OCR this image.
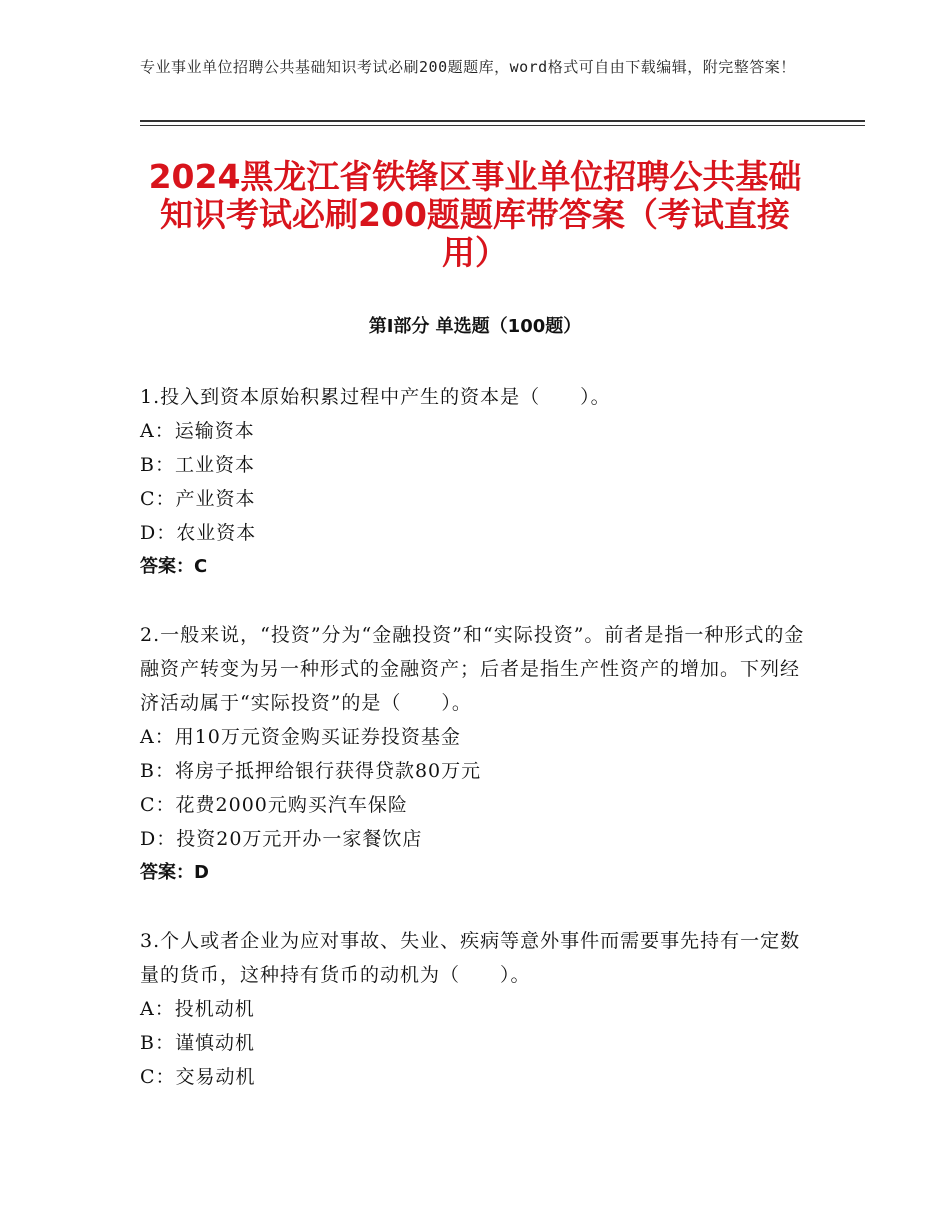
专业事业单位招聘公共基础知识考试必刷200题题库，word格式可自由下载编辑，附完整答案！
2024黑龙江省铁锋区事业单位招聘公共基础知识考试必刷200题题库带答案（考试直接用）
第Ⅰ部分 单选题（100题）

1.投入到资本原始积累过程中产生的资本是（　　）。

A：运输资本

B：工业资本

C：产业资本

D：农业资本

答案：C

2.一般来说，“投资”分为“金融投资”和“实际投资”。前者是指一种形式的金融资产转变为另一种形式的金融资产；后者是指生产性资产的增加。下列经济活动属于“实际投资”的是（　　）。

A：用10万元资金购买证券投资基金

B：将房子抵押给银行获得贷款80万元

C：花费2000元购买汽车保险

D：投资20万元开办一家餐饮店

答案：D

3.个人或者企业为应对事故、失业、疾病等意外事件而需要事先持有一定数量的货币，这种持有货币的动机为（　　）。

A：投机动机

B：谨慎动机

C：交易动机
